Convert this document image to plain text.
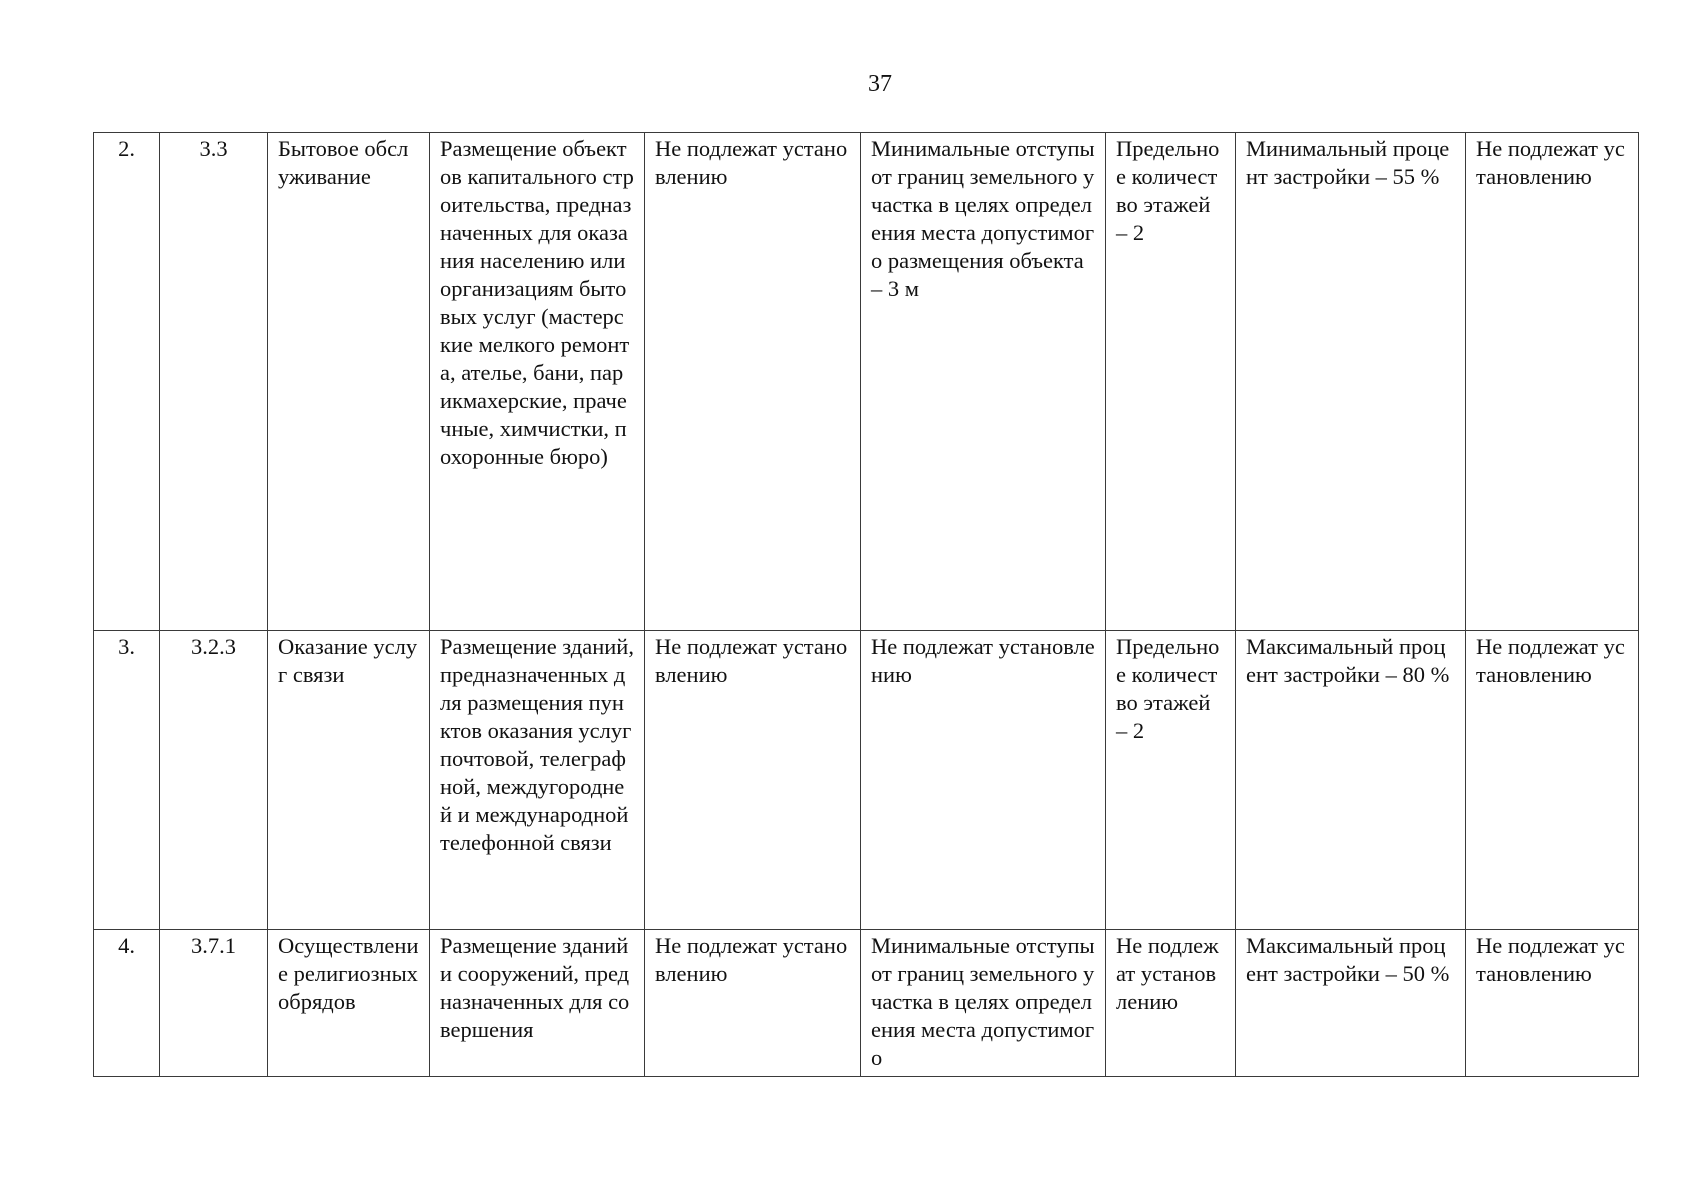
37
2.	3.3	Бытовое обслуживание	Размещение объектов капитального строительства, предназначенных для оказания населению или организациям бытовых услуг (мастерские мелкого ремонта, ателье, бани, парикмахерские, прачечные, химчистки, похоронные бюро)	Не подлежат установлению	Минимальные отступы от границ земельного участка в целях определения места допустимого размещения объекта – 3 м	Предельное количество этажей – 2	Минимальный процент застройки – 55 %	Не подлежат установлению
3.	3.2.3	Оказание услуг связи	Размещение зданий, предназначенных для размещения пунктов оказания услуг почтовой, телеграфной, междугородней и международной телефонной связи	Не подлежат установлению	Не подлежат установлению	Предельное количество этажей – 2	Максимальный процент застройки – 80 %	Не подлежат установлению
4.	3.7.1	Осуществление религиозных обрядов	Размещение зданий и сооружений, предназначенных для совершения	Не подлежат установлению	Минимальные отступы от границ земельного участка в целях определения места допустимого	Не подлежат установлению	Максимальный процент застройки – 50 %	Не подлежат установлению
